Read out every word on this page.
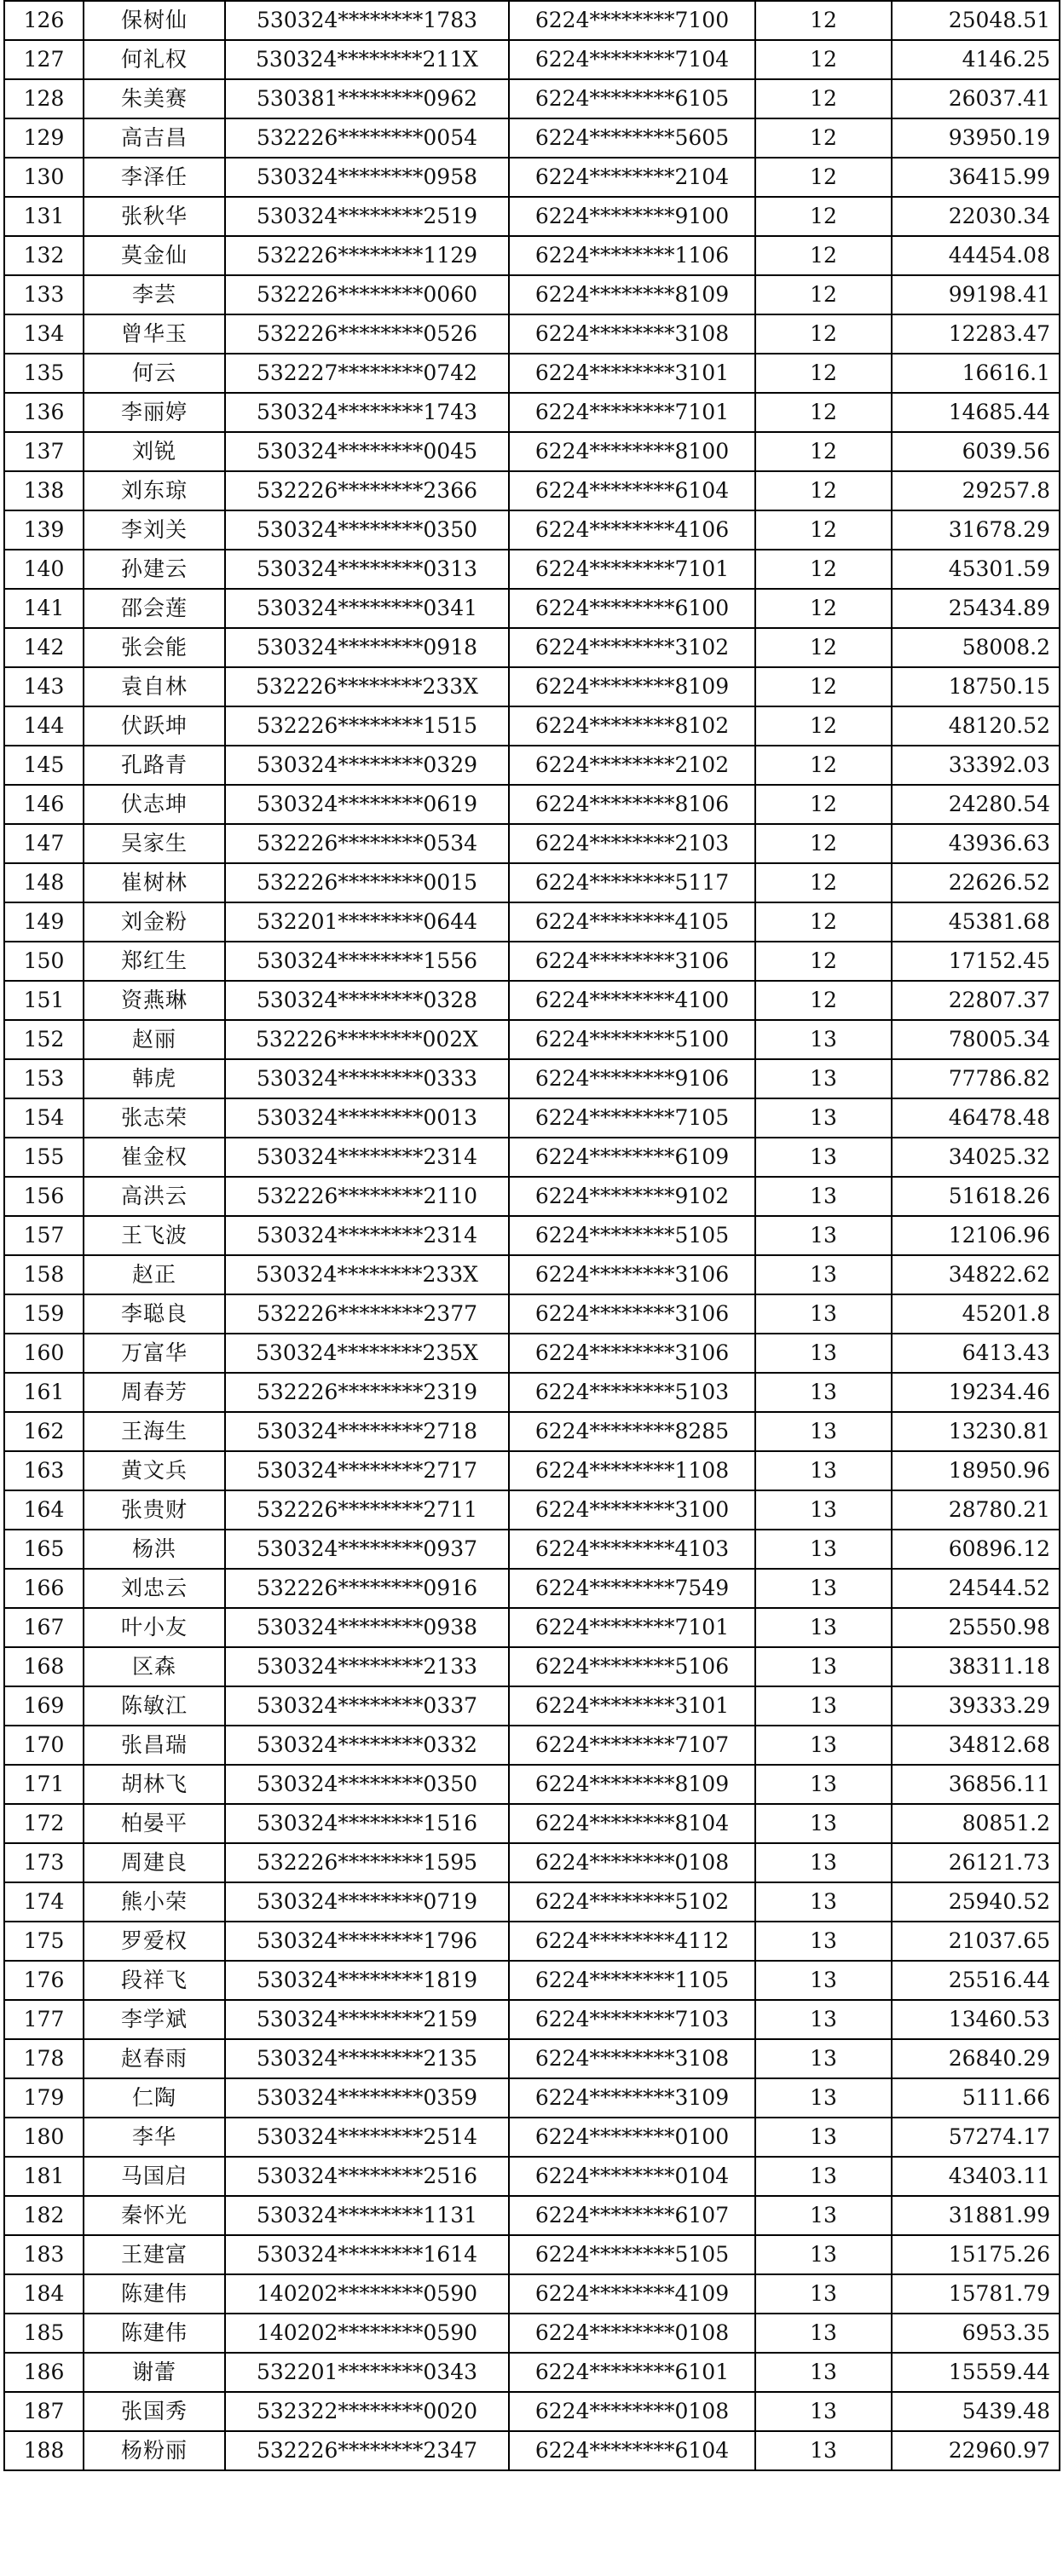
126	保树仙	530324********1783	6224********7100	12	25048.51
127	何礼权	530324********211X	6224********7104	12	4146.25
128	朱美赛	530381********0962	6224********6105	12	26037.41
129	高吉昌	532226********0054	6224********5605	12	93950.19
130	李泽任	530324********0958	6224********2104	12	36415.99
131	张秋华	530324********2519	6224********9100	12	22030.34
132	莫金仙	532226********1129	6224********1106	12	44454.08
133	李芸	532226********0060	6224********8109	12	99198.41
134	曾华玉	532226********0526	6224********3108	12	12283.47
135	何云	532227********0742	6224********3101	12	16616.1
136	李丽婷	530324********1743	6224********7101	12	14685.44
137	刘锐	530324********0045	6224********8100	12	6039.56
138	刘东琼	532226********2366	6224********6104	12	29257.8
139	李刘关	530324********0350	6224********4106	12	31678.29
140	孙建云	530324********0313	6224********7101	12	45301.59
141	邵会莲	530324********0341	6224********6100	12	25434.89
142	张会能	530324********0918	6224********3102	12	58008.2
143	袁自林	532226********233X	6224********8109	12	18750.15
144	伏跃坤	532226********1515	6224********8102	12	48120.52
145	孔路青	530324********0329	6224********2102	12	33392.03
146	伏志坤	530324********0619	6224********8106	12	24280.54
147	吴家生	532226********0534	6224********2103	12	43936.63
148	崔树林	532226********0015	6224********5117	12	22626.52
149	刘金粉	532201********0644	6224********4105	12	45381.68
150	郑红生	530324********1556	6224********3106	12	17152.45
151	资燕琳	530324********0328	6224********4100	12	22807.37
152	赵丽	532226********002X	6224********5100	13	78005.34
153	韩虎	530324********0333	6224********9106	13	77786.82
154	张志荣	530324********0013	6224********7105	13	46478.48
155	崔金权	530324********2314	6224********6109	13	34025.32
156	高洪云	532226********2110	6224********9102	13	51618.26
157	王飞波	530324********2314	6224********5105	13	12106.96
158	赵正	530324********233X	6224********3106	13	34822.62
159	李聪良	532226********2377	6224********3106	13	45201.8
160	万富华	530324********235X	6224********3106	13	6413.43
161	周春芳	532226********2319	6224********5103	13	19234.46
162	王海生	530324********2718	6224********8285	13	13230.81
163	黄文兵	530324********2717	6224********1108	13	18950.96
164	张贵财	532226********2711	6224********3100	13	28780.21
165	杨洪	530324********0937	6224********4103	13	60896.12
166	刘忠云	532226********0916	6224********7549	13	24544.52
167	叶小友	530324********0938	6224********7101	13	25550.98
168	区森	530324********2133	6224********5106	13	38311.18
169	陈敏江	530324********0337	6224********3101	13	39333.29
170	张昌瑞	530324********0332	6224********7107	13	34812.68
171	胡林飞	530324********0350	6224********8109	13	36856.11
172	柏晏平	530324********1516	6224********8104	13	80851.2
173	周建良	532226********1595	6224********0108	13	26121.73
174	熊小荣	530324********0719	6224********5102	13	25940.52
175	罗爱权	530324********1796	6224********4112	13	21037.65
176	段祥飞	530324********1819	6224********1105	13	25516.44
177	李学斌	530324********2159	6224********7103	13	13460.53
178	赵春雨	530324********2135	6224********3108	13	26840.29
179	仁陶	530324********0359	6224********3109	13	5111.66
180	李华	530324********2514	6224********0100	13	57274.17
181	马国启	530324********2516	6224********0104	13	43403.11
182	秦怀光	530324********1131	6224********6107	13	31881.99
183	王建富	530324********1614	6224********5105	13	15175.26
184	陈建伟	140202********0590	6224********4109	13	15781.79
185	陈建伟	140202********0590	6224********0108	13	6953.35
186	谢蕾	532201********0343	6224********6101	13	15559.44
187	张国秀	532322********0020	6224********0108	13	5439.48
188	杨粉丽	532226********2347	6224********6104	13	22960.97
